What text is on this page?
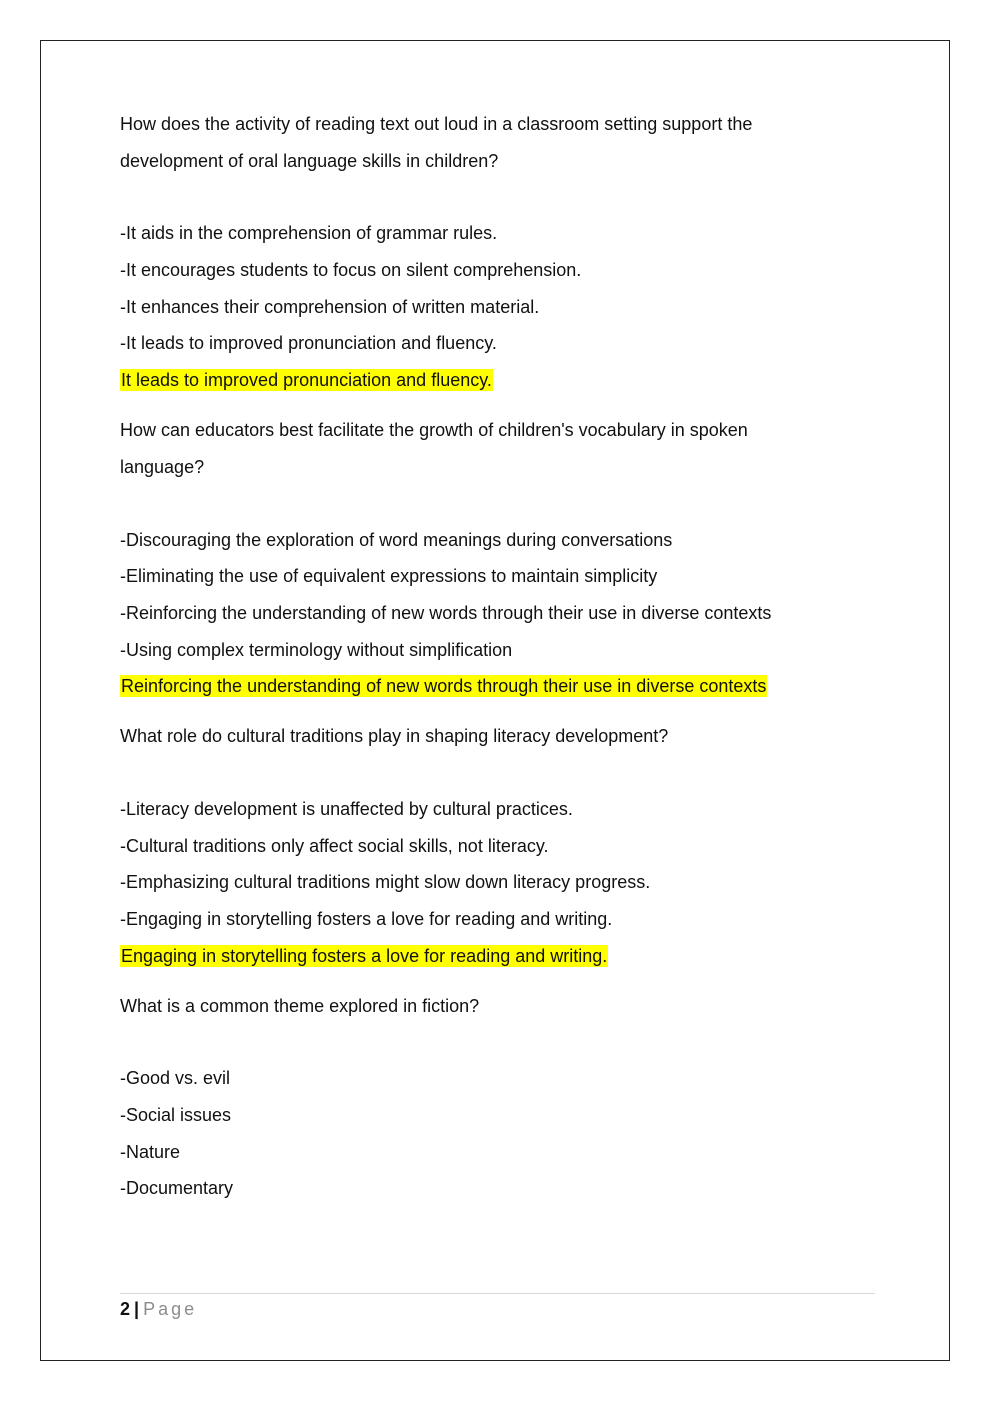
How does the activity of reading text out loud in a classroom setting support the
development of oral language skills in children?
-It aids in the comprehension of grammar rules.
-It encourages students to focus on silent comprehension.
-It enhances their comprehension of written material.
-It leads to improved pronunciation and fluency.
It leads to improved pronunciation and fluency.
How can educators best facilitate the growth of children's vocabulary in spoken
language?
-Discouraging the exploration of word meanings during conversations
-Eliminating the use of equivalent expressions to maintain simplicity
-Reinforcing the understanding of new words through their use in diverse contexts
-Using complex terminology without simplification
Reinforcing the understanding of new words through their use in diverse contexts
What role do cultural traditions play in shaping literacy development?
-Literacy development is unaffected by cultural practices.
-Cultural traditions only affect social skills, not literacy.
-Emphasizing cultural traditions might slow down literacy progress.
-Engaging in storytelling fosters a love for reading and writing.
Engaging in storytelling fosters a love for reading and writing.
What is a common theme explored in fiction?
-Good vs. evil
-Social issues
-Nature
-Documentary
2 | Page
